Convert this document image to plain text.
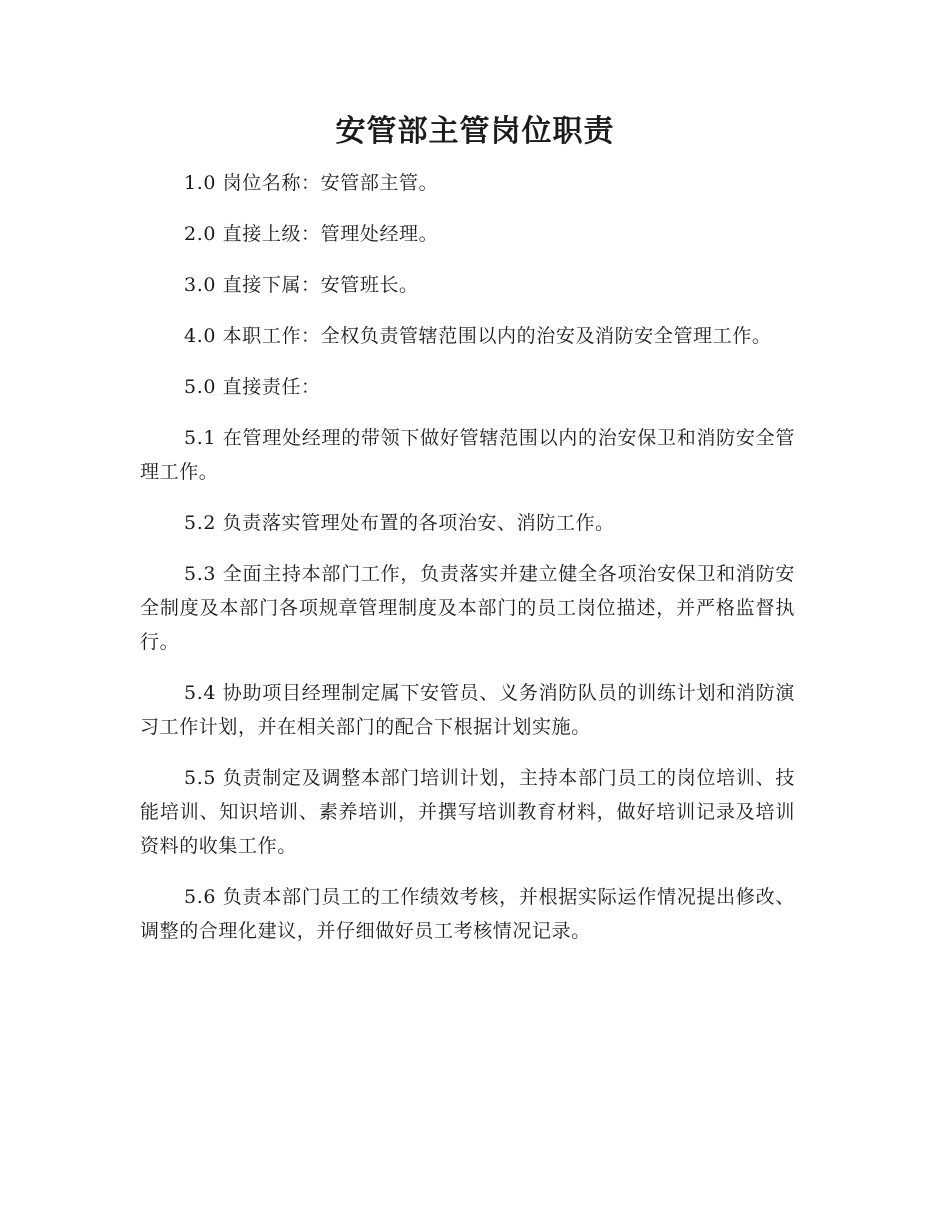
安管部主管岗位职责

1.0 岗位名称：安管部主管。

2.0 直接上级：管理处经理。

3.0 直接下属：安管班长。

4.0 本职工作：全权负责管辖范围以内的治安及消防安全管理工作。

5.0 直接责任：

5.1 在管理处经理的带领下做好管辖范围以内的治安保卫和消防安全管理工作。

5.2 负责落实管理处布置的各项治安、消防工作。

5.3 全面主持本部门工作，负责落实并建立健全各项治安保卫和消防安全制度及本部门各项规章管理制度及本部门的员工岗位描述，并严格监督执行。

5.4 协助项目经理制定属下安管员、义务消防队员的训练计划和消防演习工作计划，并在相关部门的配合下根据计划实施。

5.5 负责制定及调整本部门培训计划，主持本部门员工的岗位培训、技能培训、知识培训、素养培训，并撰写培训教育材料，做好培训记录及培训资料的收集工作。

5.6 负责本部门员工的工作绩效考核，并根据实际运作情况提出修改、调整的合理化建议，并仔细做好员工考核情况记录。
